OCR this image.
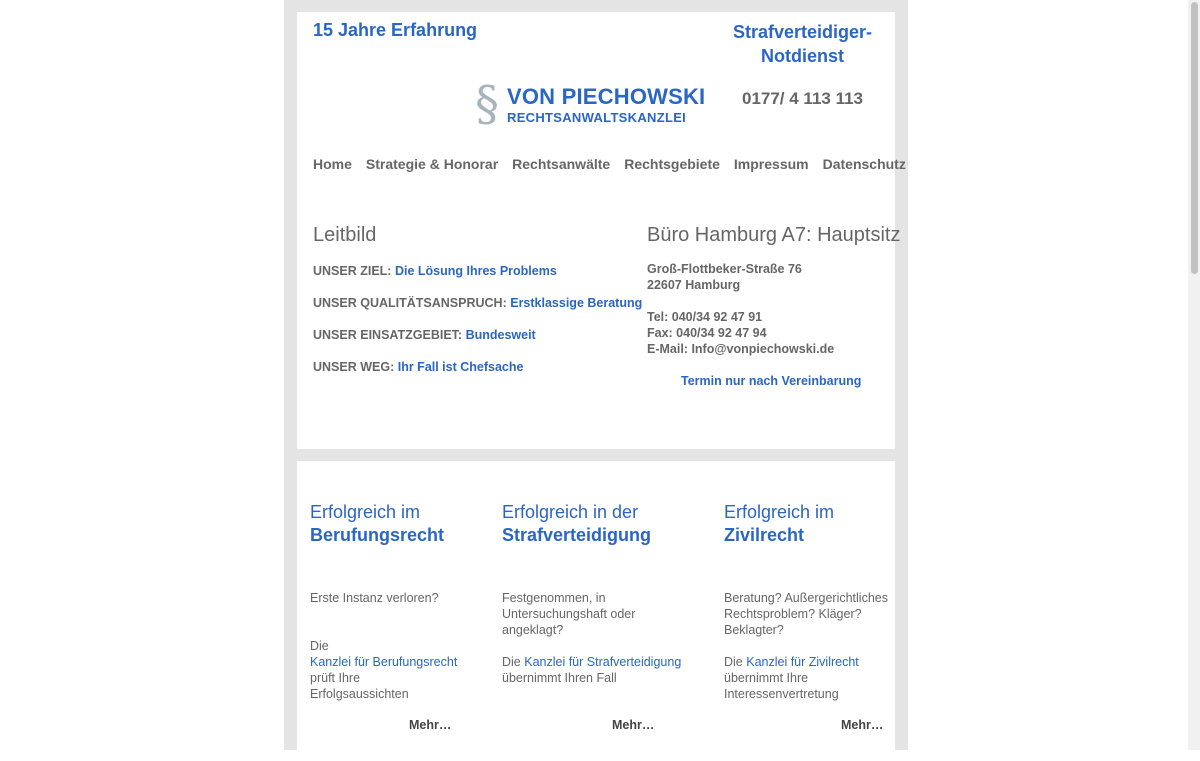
15 Jahre Erfahrung	Strafverteidiger-
Notdienst
0177/ 4 113 113
§ VON PIECHOWSKI
RECHTSANWALTSKANZLEI
Home Strategie & Honorar Rechtsanwälte Rechtsgebiete Impressum Datenschutz
Leitbild
UNSER ZIEL: Die Lösung Ihres Problems
UNSER QUALITÄTSANSPRUCH: Erstklassige Beratung
UNSER EINSATZGEBIET: Bundesweit
UNSER WEG: Ihr Fall ist Chefsache
Büro Hamburg A7: Hauptsitz
Groß-Flottbeker-Straße 76
22607 Hamburg
Tel: 040/34 92 47 91
Fax: 040/34 92 47 94
E-Mail: Info@vonpiechowski.de
Termin nur nach Vereinbarung
Erfolgreich im
Berufungsrecht
Erste Instanz verloren?
Die
Kanzlei für Berufungsrecht
prüft Ihre
Erfolgsaussichten
Mehr…
Erfolgreich in der
Strafverteidigung
Festgenommen, in
Untersuchungshaft oder
angeklagt?
Die Kanzlei für Strafverteidigung
übernimmt Ihren Fall
Mehr…
Erfolgreich im
Zivilrecht
Beratung? Außergerichtliches
Rechtsproblem? Kläger?
Beklagter?
Die Kanzlei für Zivilrecht
übernimmt Ihre
Interessenvertretung
Mehr…
